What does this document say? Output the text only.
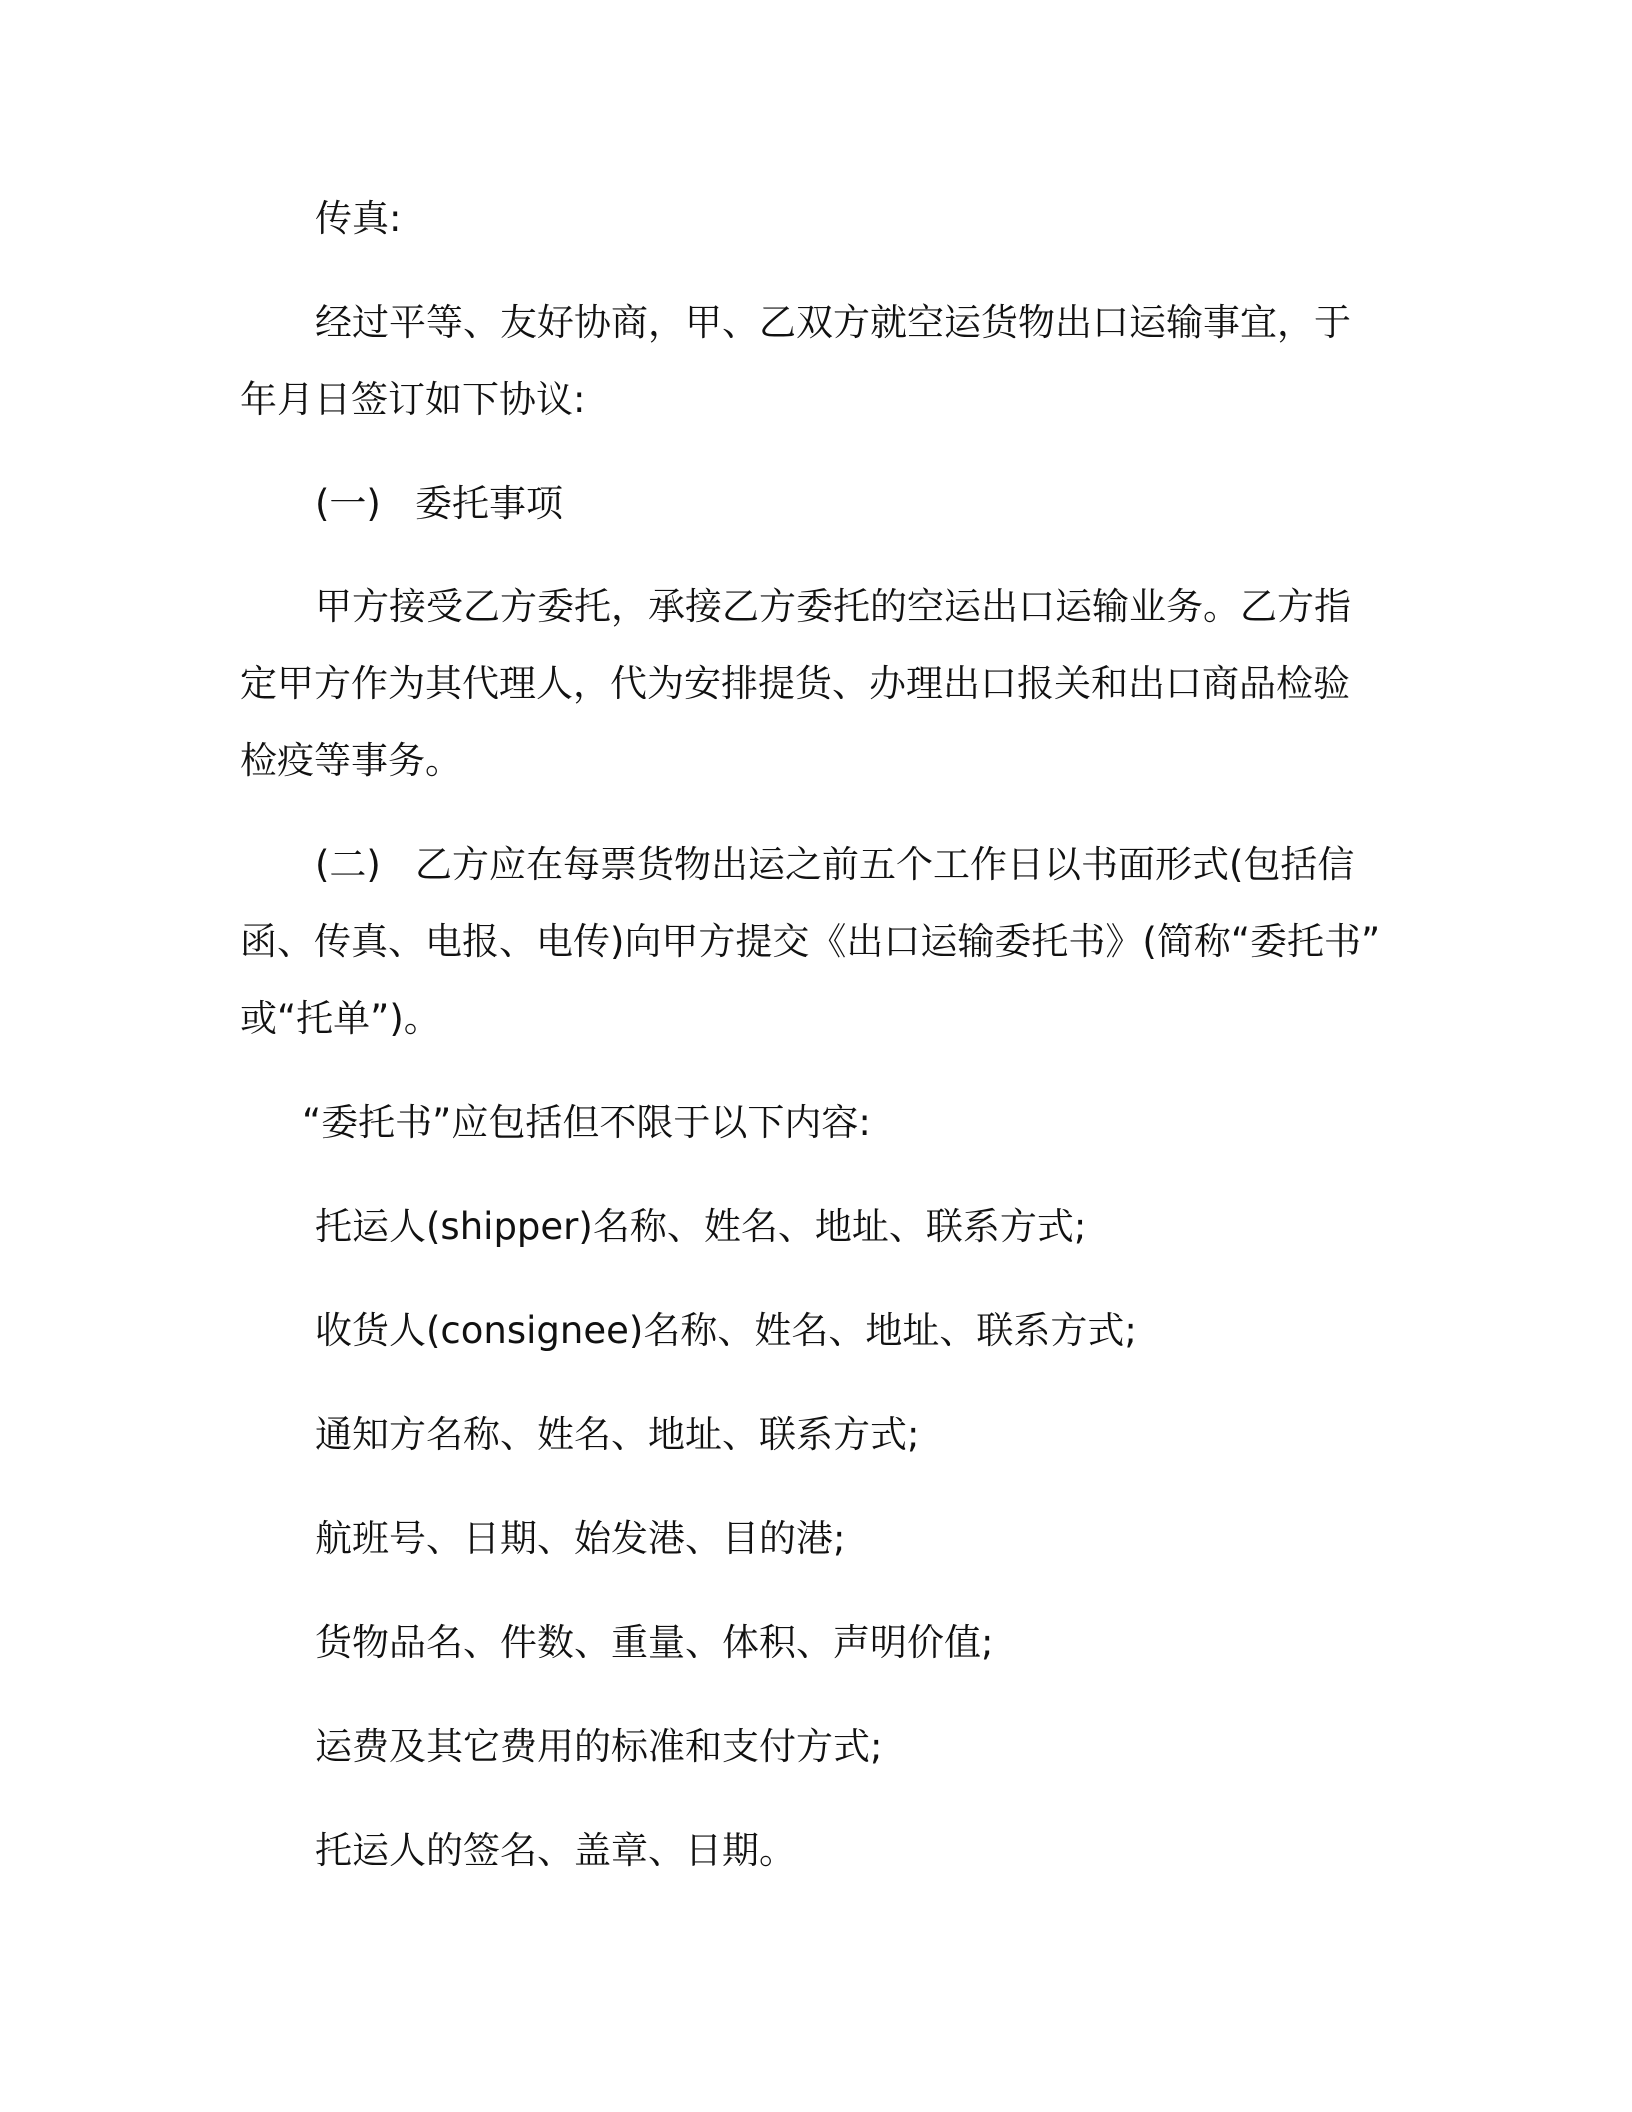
传真:

经过平等、友好协商，甲、乙双方就空运货物出口运输事宜，于

年月日签订如下协议:

(一) 委托事项

甲方接受乙方委托，承接乙方委托的空运出口运输业务。乙方指

定甲方作为其代理人，代为安排提货、办理出口报关和出口商品检验

检疫等事务。

(二) 乙方应在每票货物出运之前五个工作日以书面形式(包括信

函、传真、电报、电传)向甲方提交《出口运输委托书》(简称“委托书”

或“托单”)。

“委托书”应包括但不限于以下内容:

托运人(shipper)名称、姓名、地址、联系方式;

收货人(consignee)名称、姓名、地址、联系方式;

通知方名称、姓名、地址、联系方式;

航班号、日期、始发港、目的港;

货物品名、件数、重量、体积、声明价值;

运费及其它费用的标准和支付方式;

托运人的签名、盖章、日期。
